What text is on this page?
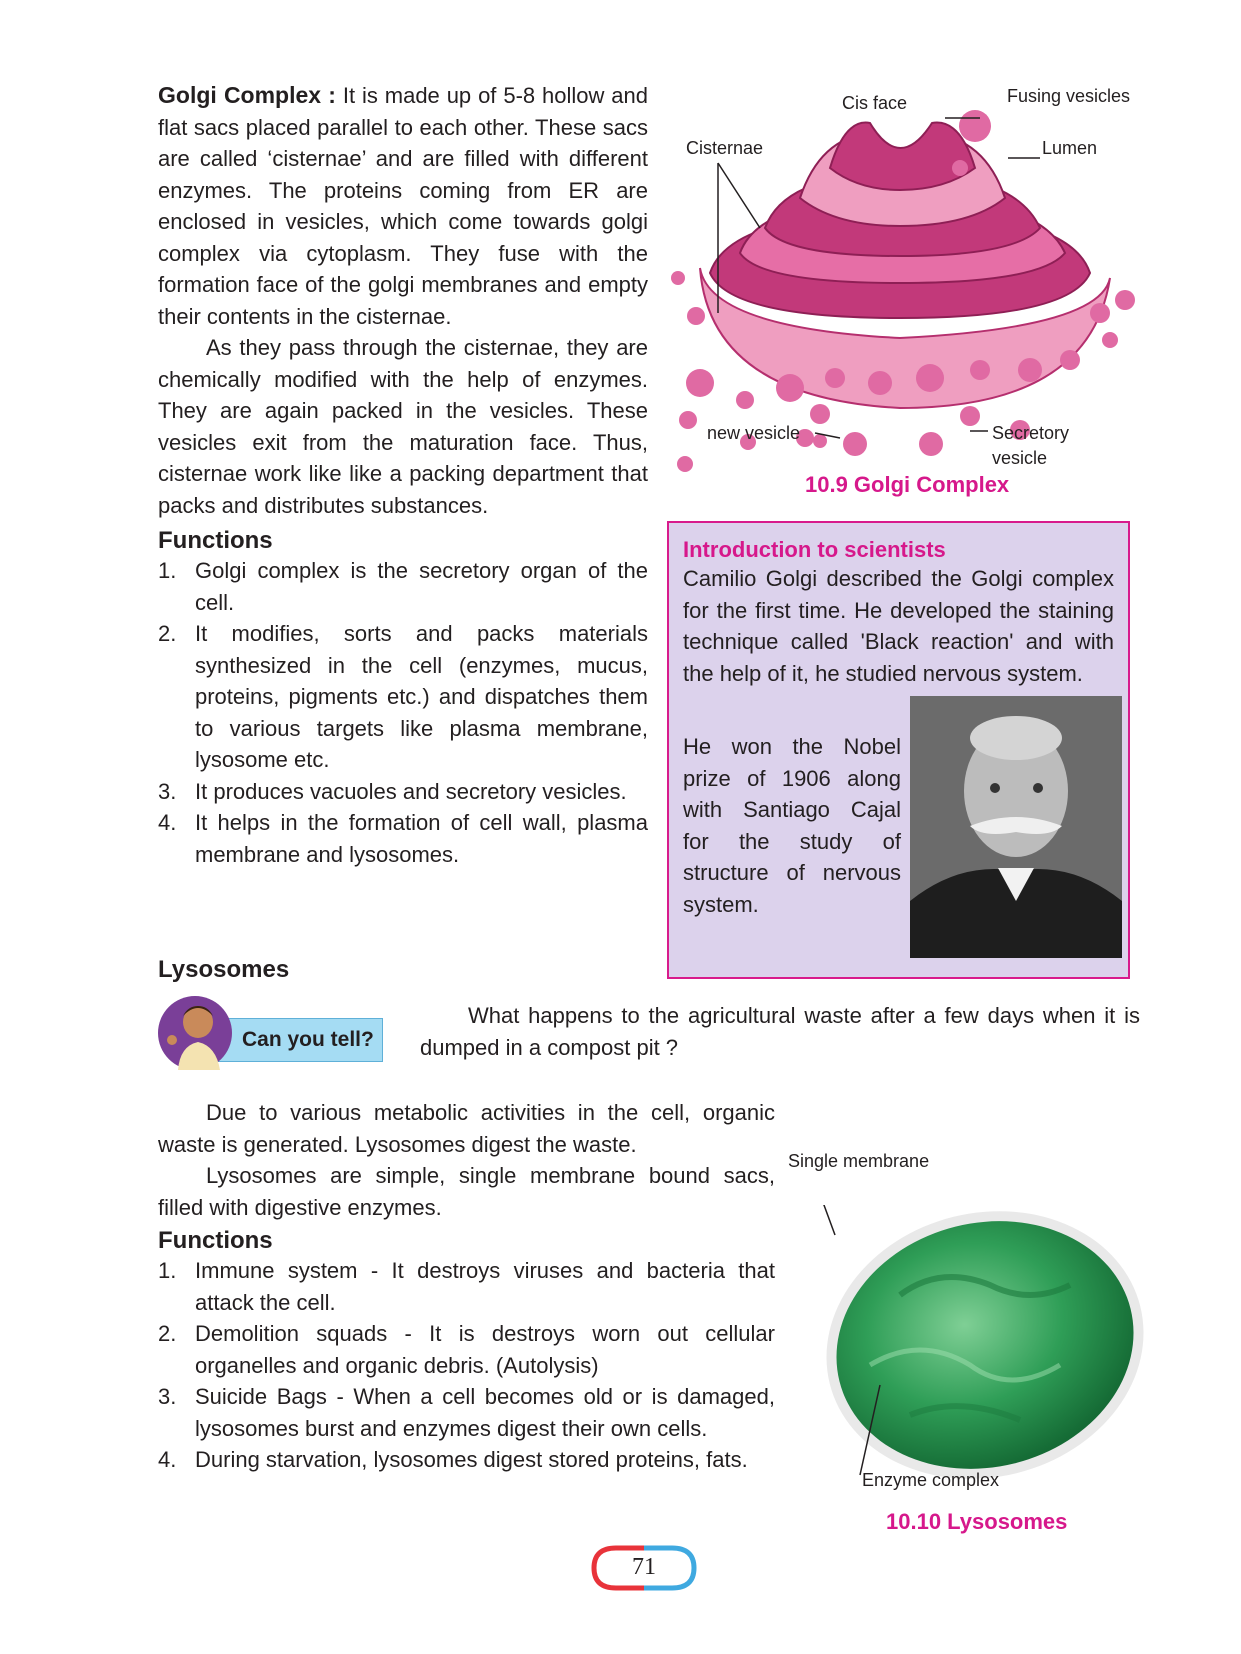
Golgi Complex : It is made up of 5-8 hollow and flat sacs placed parallel to each other. These sacs are called ‘cisternae’ and are filled with different enzymes. The proteins coming from ER are enclosed in vesicles, which come towards golgi complex via cytoplasm. They fuse with the formation face of the golgi membranes and empty their contents in the cisternae.

As they pass through the cisternae, they are chemically modified with the help of enzymes. They are again packed in the vesicles. These vesicles exit from the maturation face. Thus, cisternae work like like a packing department that packs and distributes substances.

Functions

1. Golgi complex is the secretory organ of the cell.
2. It modifies, sorts and packs materials synthesized in the cell (enzymes, mucus, proteins, pigments etc.) and dispatches them to various targets like plasma membrane, lysosome etc.
3. It produces vacuoles and secretory vesicles.
4. It helps in the formation of cell wall, plasma membrane and lysosomes.
Cis face	Fusing vesicles
Cisternae	Lumen
new vesicle	Secretory
vesicle
10.9 Golgi Complex
Introduction to scientists

Camilio Golgi described the Golgi complex for the first time. He developed the staining technique called 'Black reaction' and with the help of it, he studied nervous system.

He won the Nobel prize of 1906 along with Santiago Cajal for the study of structure of nervous system.

Lysosomes

Can you tell?

What happens to the agricultural waste after a few days when it is dumped in a compost pit ?

Due to various metabolic activities in the cell, organic waste is generated. Lysosomes digest the waste.

Lysosomes are simple, single membrane bound sacs, filled with digestive enzymes.

Functions

1. Immune system - It destroys viruses and bacteria that attack the cell.
2. Demolition squads - It is destroys worn out cellular organelles and organic debris. (Autolysis)
3. Suicide Bags - When a cell becomes old or is damaged, lysosomes burst and enzymes digest their own cells.
4. During starvation, lysosomes digest stored proteins, fats.
Single membrane
Enzyme complex
10.10 Lysosomes
71
